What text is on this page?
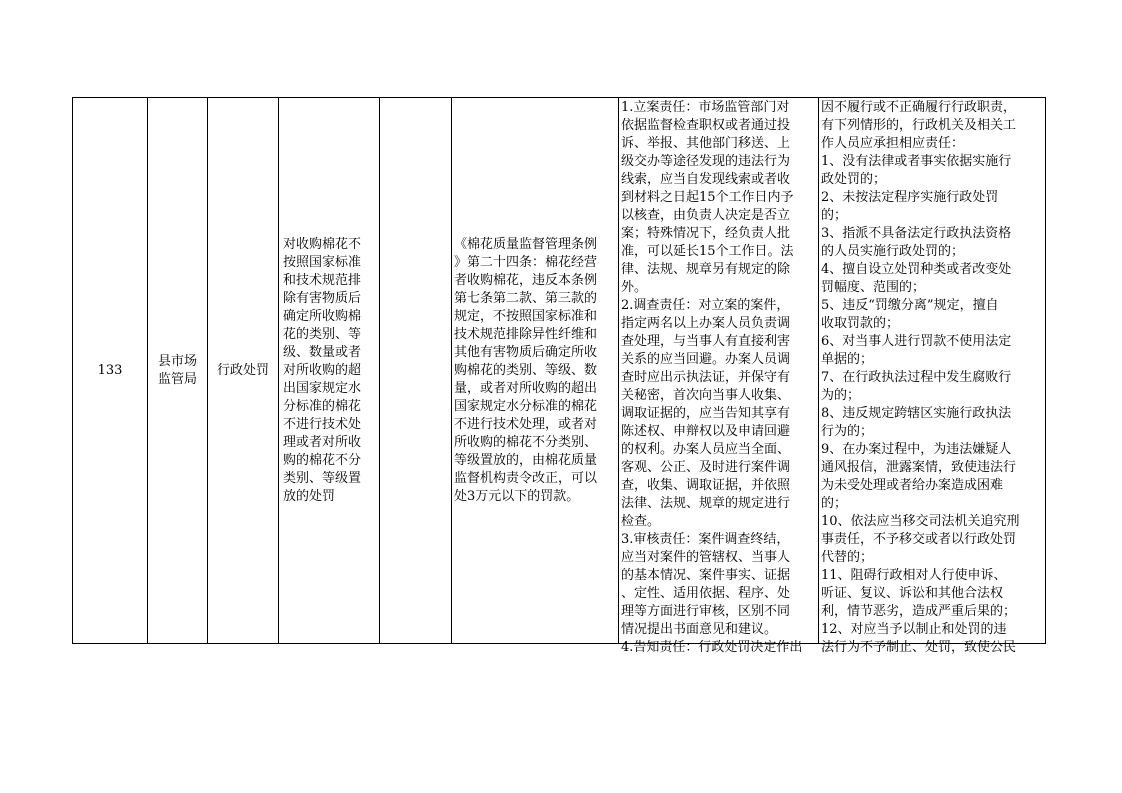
133
县市场
监管局
行政处罚
对收购棉花不
按照国家标准
和技术规范排
除有害物质后
确定所收购棉
花的类别、等
级、数量或者
对所收购的超
出国家规定水
分标准的棉花
不进行技术处
理或者对所收
购的棉花不分
类别、等级置
放的处罚
《棉花质量监督管理条例
》第二十四条：棉花经营
者收购棉花，违反本条例
第七条第二款、第三款的
规定，不按照国家标准和
技术规范排除异性纤维和
其他有害物质后确定所收
购棉花的类别、等级、数
量，或者对所收购的超出
国家规定水分标准的棉花
不进行技术处理，或者对
所收购的棉花不分类别、
等级置放的，由棉花质量
监督机构责令改正，可以
处3万元以下的罚款。
1.立案责任：市场监管部门对
依据监督检查职权或者通过投
诉、举报、其他部门移送、上
级交办等途径发现的违法行为
线索，应当自发现线索或者收
到材料之日起15个工作日内予
以核查，由负责人决定是否立
案；特殊情况下，经负责人批
准，可以延长15个工作日。法
律、法规、规章另有规定的除
外。
2.调查责任：对立案的案件，
指定两名以上办案人员负责调
查处理，与当事人有直接利害
关系的应当回避。办案人员调
查时应出示执法证，并保守有
关秘密，首次向当事人收集、
调取证据的，应当告知其享有
陈述权、申辩权以及申请回避
的权利。办案人员应当全面、
客观、公正、及时进行案件调
查，收集、调取证据，并依照
法律、法规、规章的规定进行
检查。
3.审核责任：案件调查终结，
应当对案件的管辖权、当事人
的基本情况、案件事实、证据
、定性、适用依据、程序、处
理等方面进行审核，区别不同
情况提出书面意见和建议。
4.告知责任：行政处罚决定作出
因不履行或不正确履行行政职责，
有下列情形的，行政机关及相关工
作人员应承担相应责任：
1、没有法律或者事实依据实施行
政处罚的；
2、未按法定程序实施行政处罚
的；
3、指派不具备法定行政执法资格
的人员实施行政处罚的；
4、擅自设立处罚种类或者改变处
罚幅度、范围的；
5、违反“罚缴分离”规定，擅自
收取罚款的；
6、对当事人进行罚款不使用法定
单据的；
7、在行政执法过程中发生腐败行
为的；
8、违反规定跨辖区实施行政执法
行为的；
9、在办案过程中，为违法嫌疑人
通风报信，泄露案情，致使违法行
为未受处理或者给办案造成困难
的；
10、依法应当移交司法机关追究刑
事责任，不予移交或者以行政处罚
代替的；
11、阻碍行政相对人行使申诉、
听证、复议、诉讼和其他合法权
利，情节恶劣，造成严重后果的；
12、对应当予以制止和处罚的违
法行为不予制止、处罚，致使公民
